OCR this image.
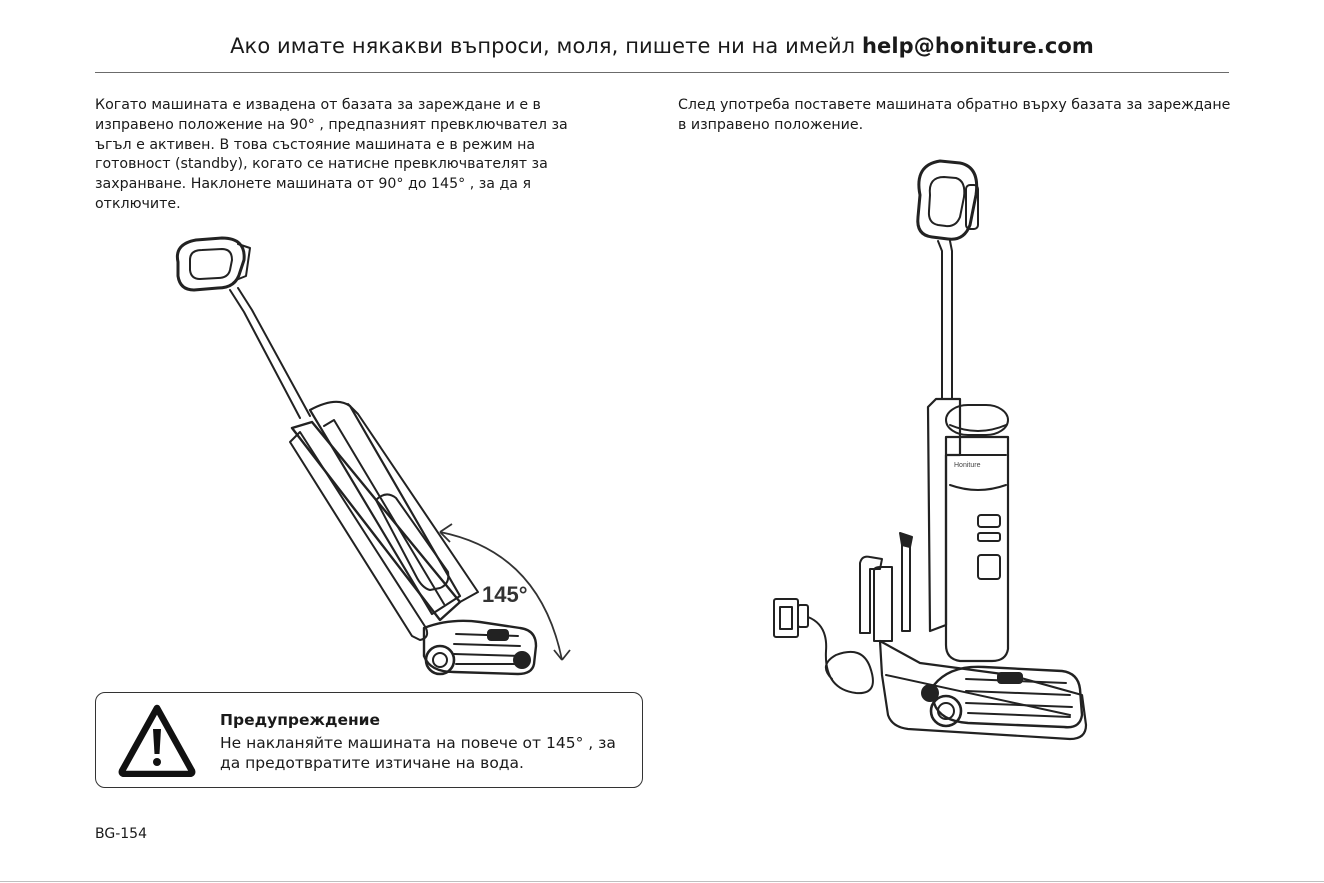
Ако имате някакви въпроси, моля, пишете ни на имейл help@honiture.com

Когато машината е извадена от базата за зареждане и е в изправено положение на 90° , предпазният превключвател за ъгъл е активен. В това състояние машината е в режим на готовност (standby), когато се натисне превключвателят за захранване. Наклонете машината от 90° до 145° , за да я отключите.

След употреба поставете машината обратно върху базата за зареждане в изправено положение.

145°
Honiture
Предупреждение

Не накланяйте машината на повече от 145° , за да предотвратите изтичане на вода.

BG-154
